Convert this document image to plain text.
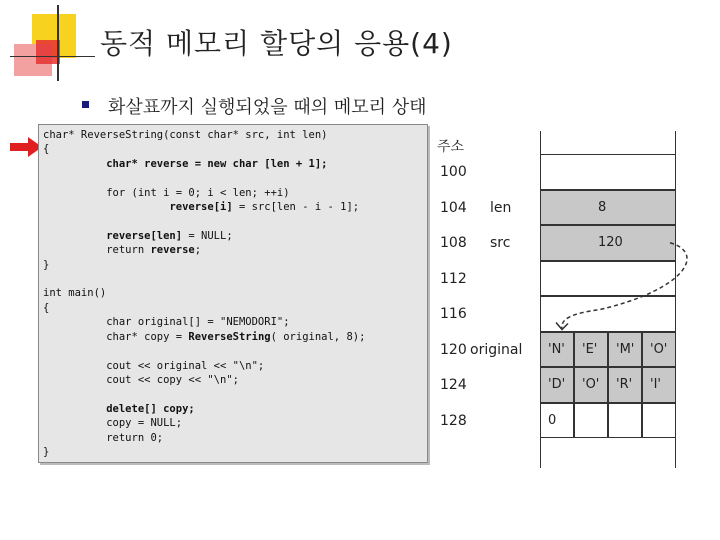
동적 메모리 할당의 응용(4)
화살표까지 실행되었을 때의 메모리 상태
char* ReverseString(const char* src, int len)
{
char* reverse = new char [len + 1];

for (int i = 0; i < len; ++i)
reverse[i] = src[len - i - 1];

reverse[len] = NULL;
return reverse;
}

int main()
{
char original[] = "NEMODORI";
char* copy = ReverseString( original, 8);

cout << original << "\n";
cout << copy << "\n";

delete[] copy;
copy = NULL;
return 0;
}

주소
100
104 len	8
108 src	120
112
116
120 original 'N' 'E' 'M' 'O'
124	'D' 'O' 'R' 'I'
128	0
